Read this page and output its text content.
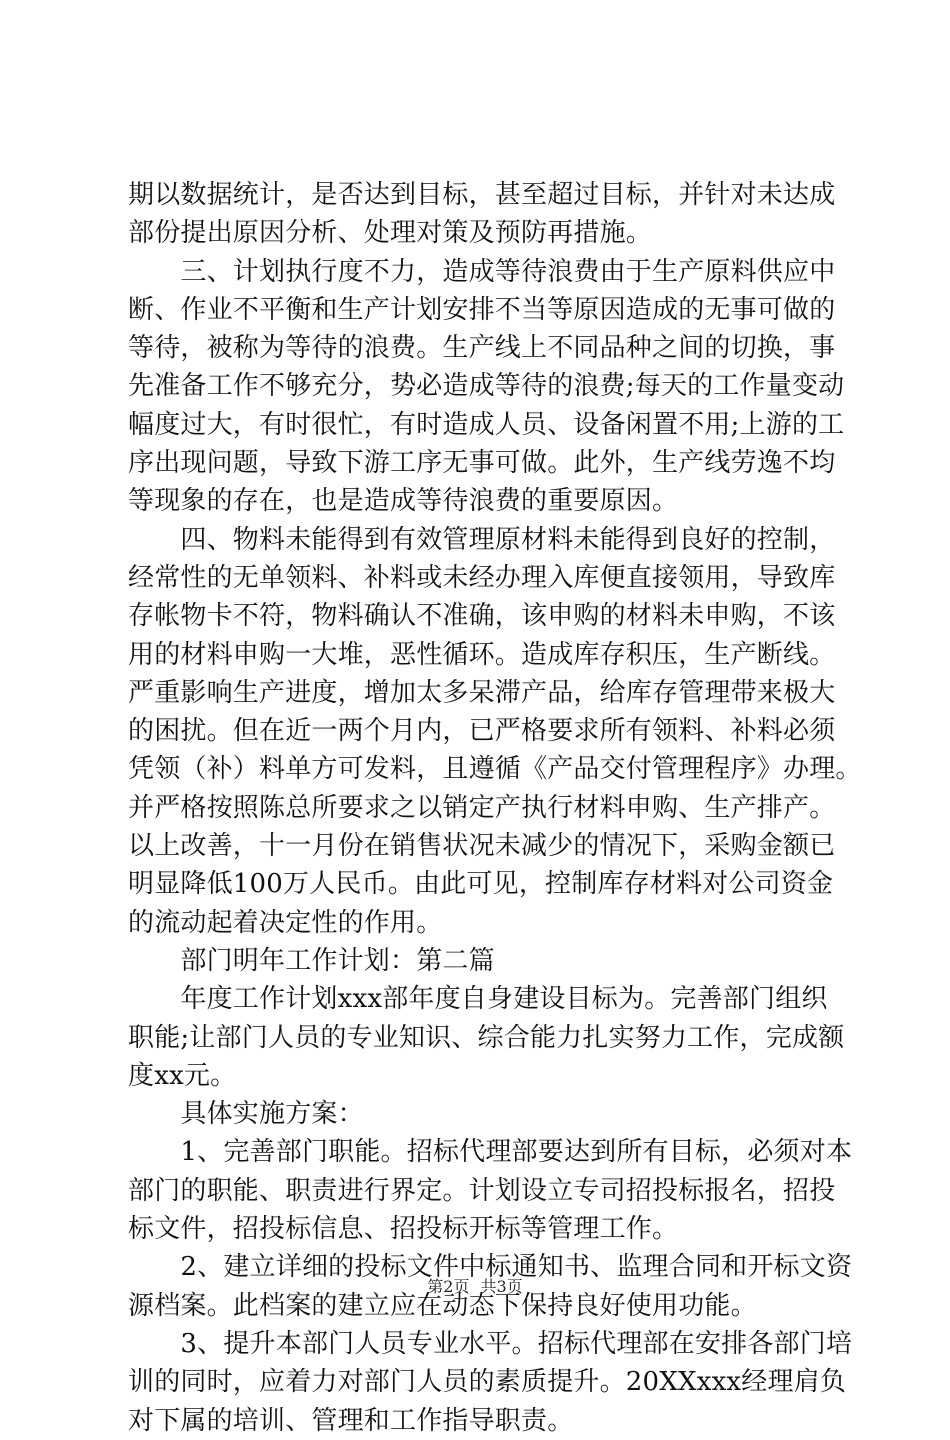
期以数据统计，是否达到目标，甚至超过目标，并针对未达成
部份提出原因分析、处理对策及预防再措施。
　　三、计划执行度不力，造成等待浪费由于生产原料供应中
断、作业不平衡和生产计划安排不当等原因造成的无事可做的
等待，被称为等待的浪费。生产线上不同品种之间的切换，事
先准备工作不够充分，势必造成等待的浪费;每天的工作量变动
幅度过大，有时很忙，有时造成人员、设备闲置不用;上游的工
序出现问题，导致下游工序无事可做。此外，生产线劳逸不均
等现象的存在，也是造成等待浪费的重要原因。
　　四、物料未能得到有效管理原材料未能得到良好的控制，
经常性的无单领料、补料或未经办理入库便直接领用，导致库
存帐物卡不符，物料确认不准确，该申购的材料未申购，不该
用的材料申购一大堆，恶性循环。造成库存积压，生产断线。
严重影响生产进度，增加太多呆滞产品，给库存管理带来极大
的困扰。但在近一两个月内，已严格要求所有领料、补料必须
凭领（补）料单方可发料，且遵循《产品交付管理程序》办理。
并严格按照陈总所要求之以销定产执行材料申购、生产排产。
以上改善，十一月份在销售状况未减少的情况下，采购金额已
明显降低100万人民币。由此可见，控制库存材料对公司资金
的流动起着决定性的作用。
　　部门明年工作计划：第二篇
　　年度工作计划xxx部年度自身建设目标为。完善部门组织
职能;让部门人员的专业知识、综合能力扎实努力工作，完成额
度xx元。
　　具体实施方案：
　　1、完善部门职能。招标代理部要达到所有目标，必须对本
部门的职能、职责进行界定。计划设立专司招投标报名，招投
标文件，招投标信息、招投标开标等管理工作。
　　2、建立详细的投标文件中标通知书、监理合同和开标文资
源档案。此档案的建立应在动态下保持良好使用功能。
　　3、提升本部门人员专业水平。招标代理部在安排各部门培
训的同时，应着力对部门人员的素质提升。20XXxxx经理肩负
对下属的培训、管理和工作指导职责。
第2页 共3页
